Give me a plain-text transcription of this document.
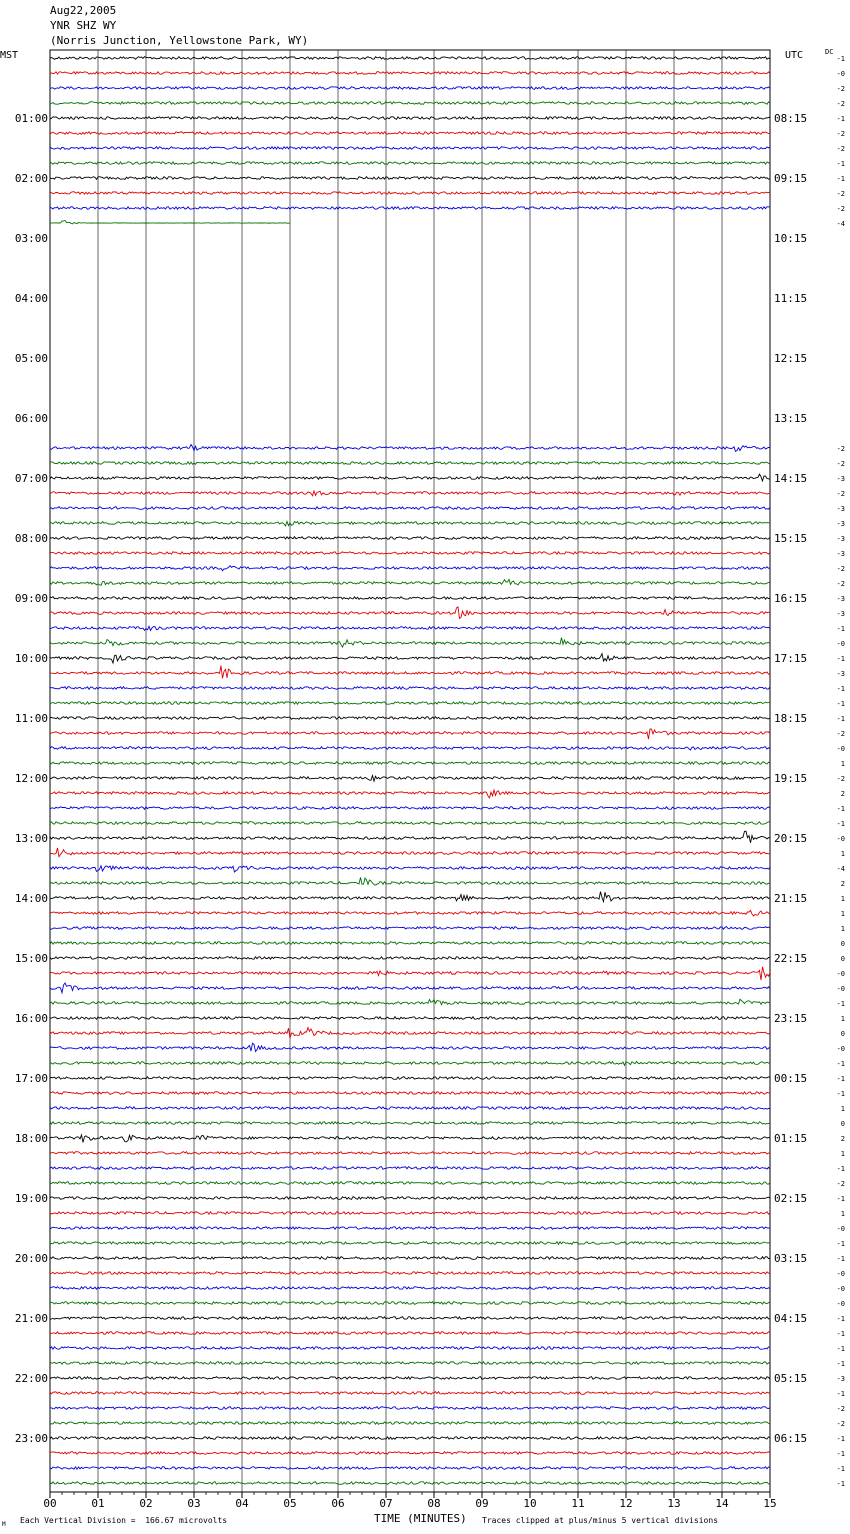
Aug22,2005
YNR SHZ WY
(Norris Junction, Yellowstone Park, WY)
MST	UTC	DC
-1
-0
-2
-2
-1
-2
-2
-1
-1
-2
-2
-4
-2
-2
-3
-2
-3
-3
-3
-3
-2
-2
-3
-3
-1
-0
-1
-3
-1
-1
-1
-2
-0
1
-2
2
-1
-1
-0
1
-4
2
1
1
1
0
0
-0
-0
-1
1
0
-0
-1
-1
-1
1
0
2
1
-1
-2
-1
1
-0
-1
-1
-0
-0
-0
-1
-1
-1
-1
-3
-1
-2
-2
-1
-1
-1
-1
01:00
02:00
03:00
04:00
05:00
06:00
07:00
08:00
09:00
10:00
11:00
12:00
13:00
14:00
15:00
16:00
17:00
18:00
19:00
20:00
21:00
22:00
23:00
08:15
09:15
10:15
11:15
12:15
13:15
14:15
15:15
16:15
17:15
18:15
19:15
20:15
21:15
22:15
23:15
00:15
01:15
02:15
03:15
04:15
05:15
06:15
00	01	02	03	04	05	06	07	08	09	10	11	12	13	14	15
TIME (MINUTES)
Each Vertical Division =  166.67 microvolts	Traces clipped at plus/minus 5 vertical divisions
M
